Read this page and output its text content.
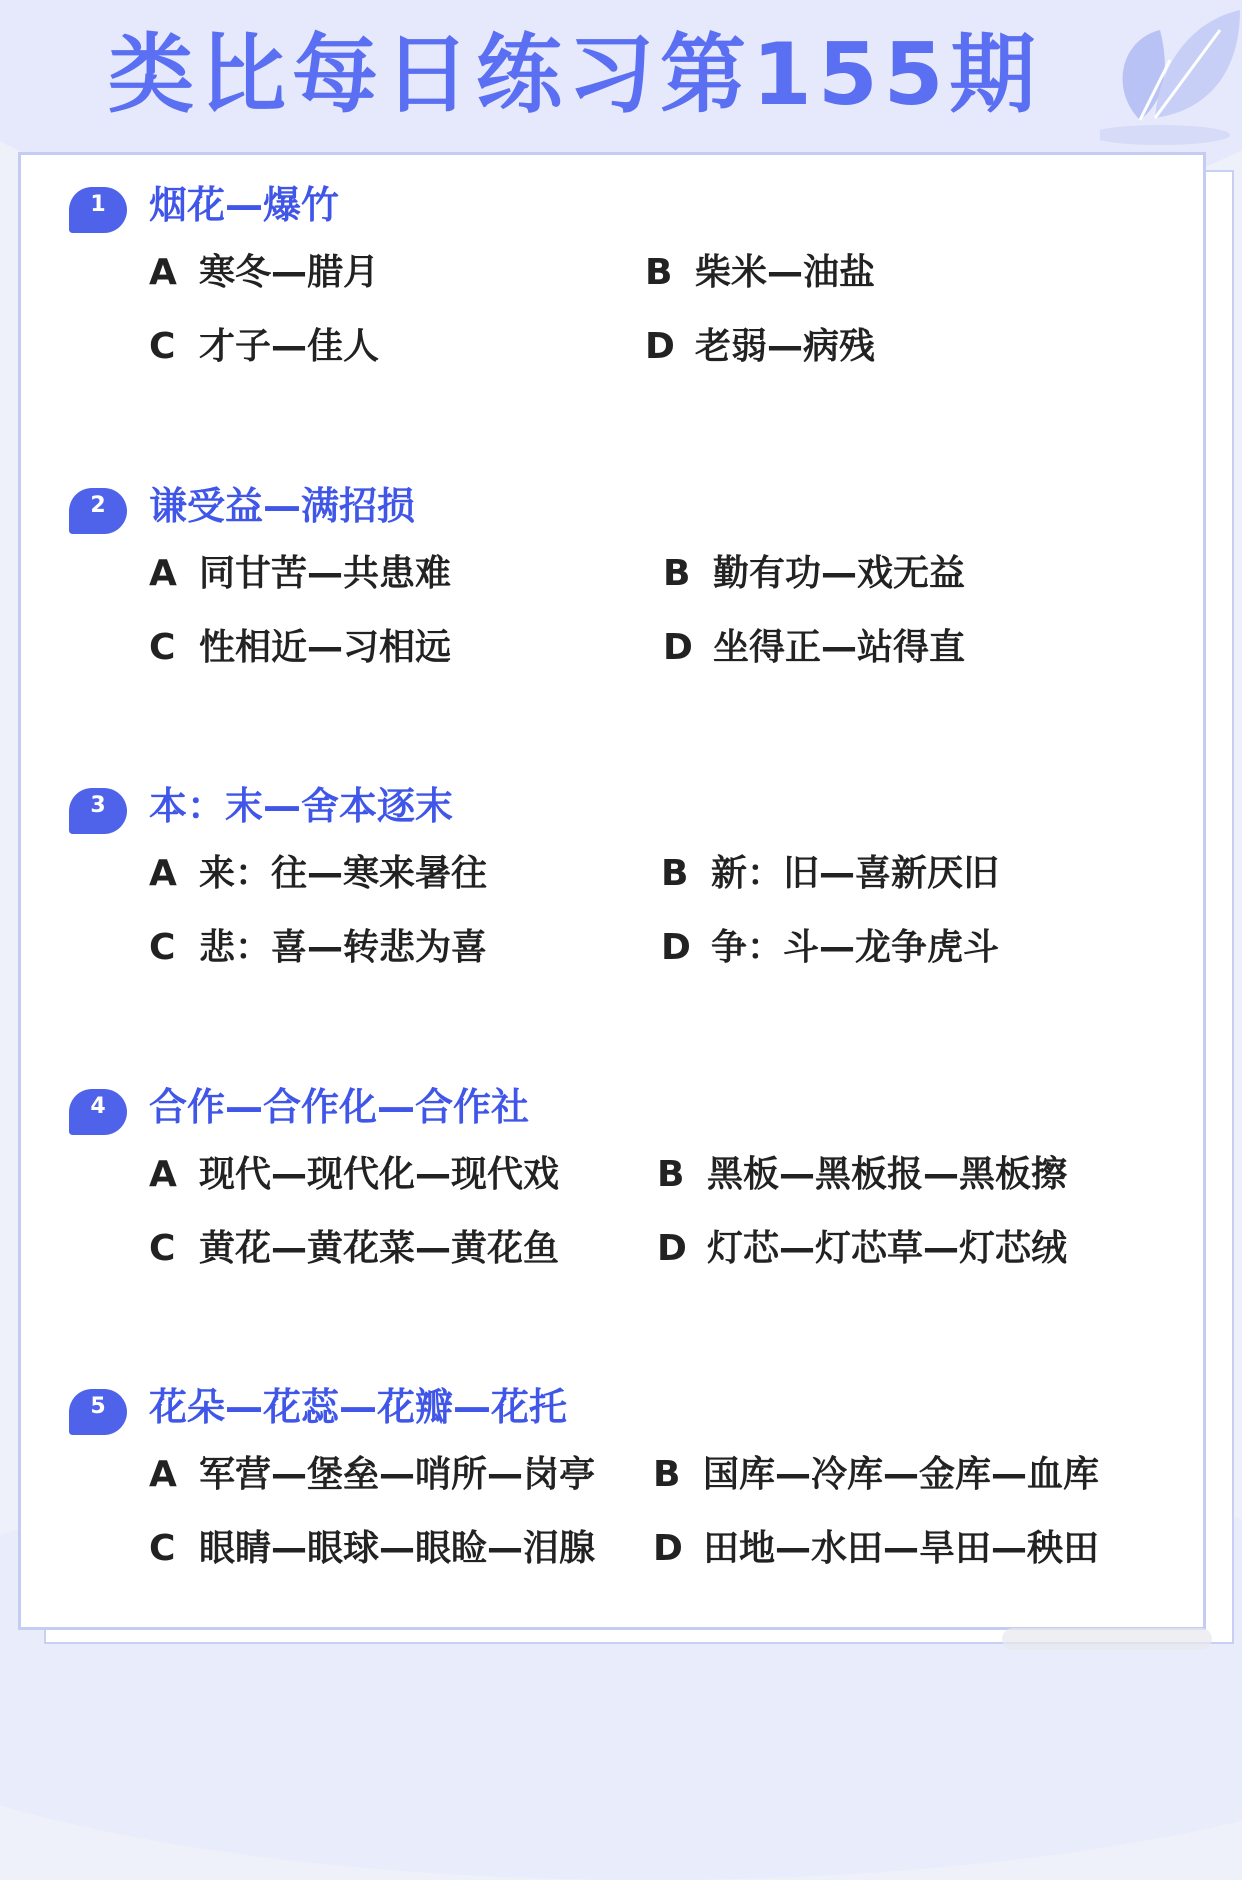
类比每日练习第155期
1	烟花—爆竹
A 寒冬—腊月	B 柴米—油盐
C 才子—佳人	D 老弱—病残
2	谦受益—满招损
A 同甘苦—共患难	B 勤有功—戏无益
C 性相近—习相远	D 坐得正—站得直
3	本：末—舍本逐末
A 来：往—寒来暑往	B 新：旧—喜新厌旧
C 悲：喜—转悲为喜	D 争：斗—龙争虎斗
4	合作—合作化—合作社
A 现代—现代化—现代戏	B 黑板—黑板报—黑板擦
C 黄花—黄花菜—黄花鱼	D 灯芯—灯芯草—灯芯绒
5	花朵—花蕊—花瓣—花托
A 军营—堡垒—哨所—岗亭 B 国库—冷库—金库—血库
C 眼睛—眼球—眼睑—泪腺 D 田地—水田—旱田—秧田
